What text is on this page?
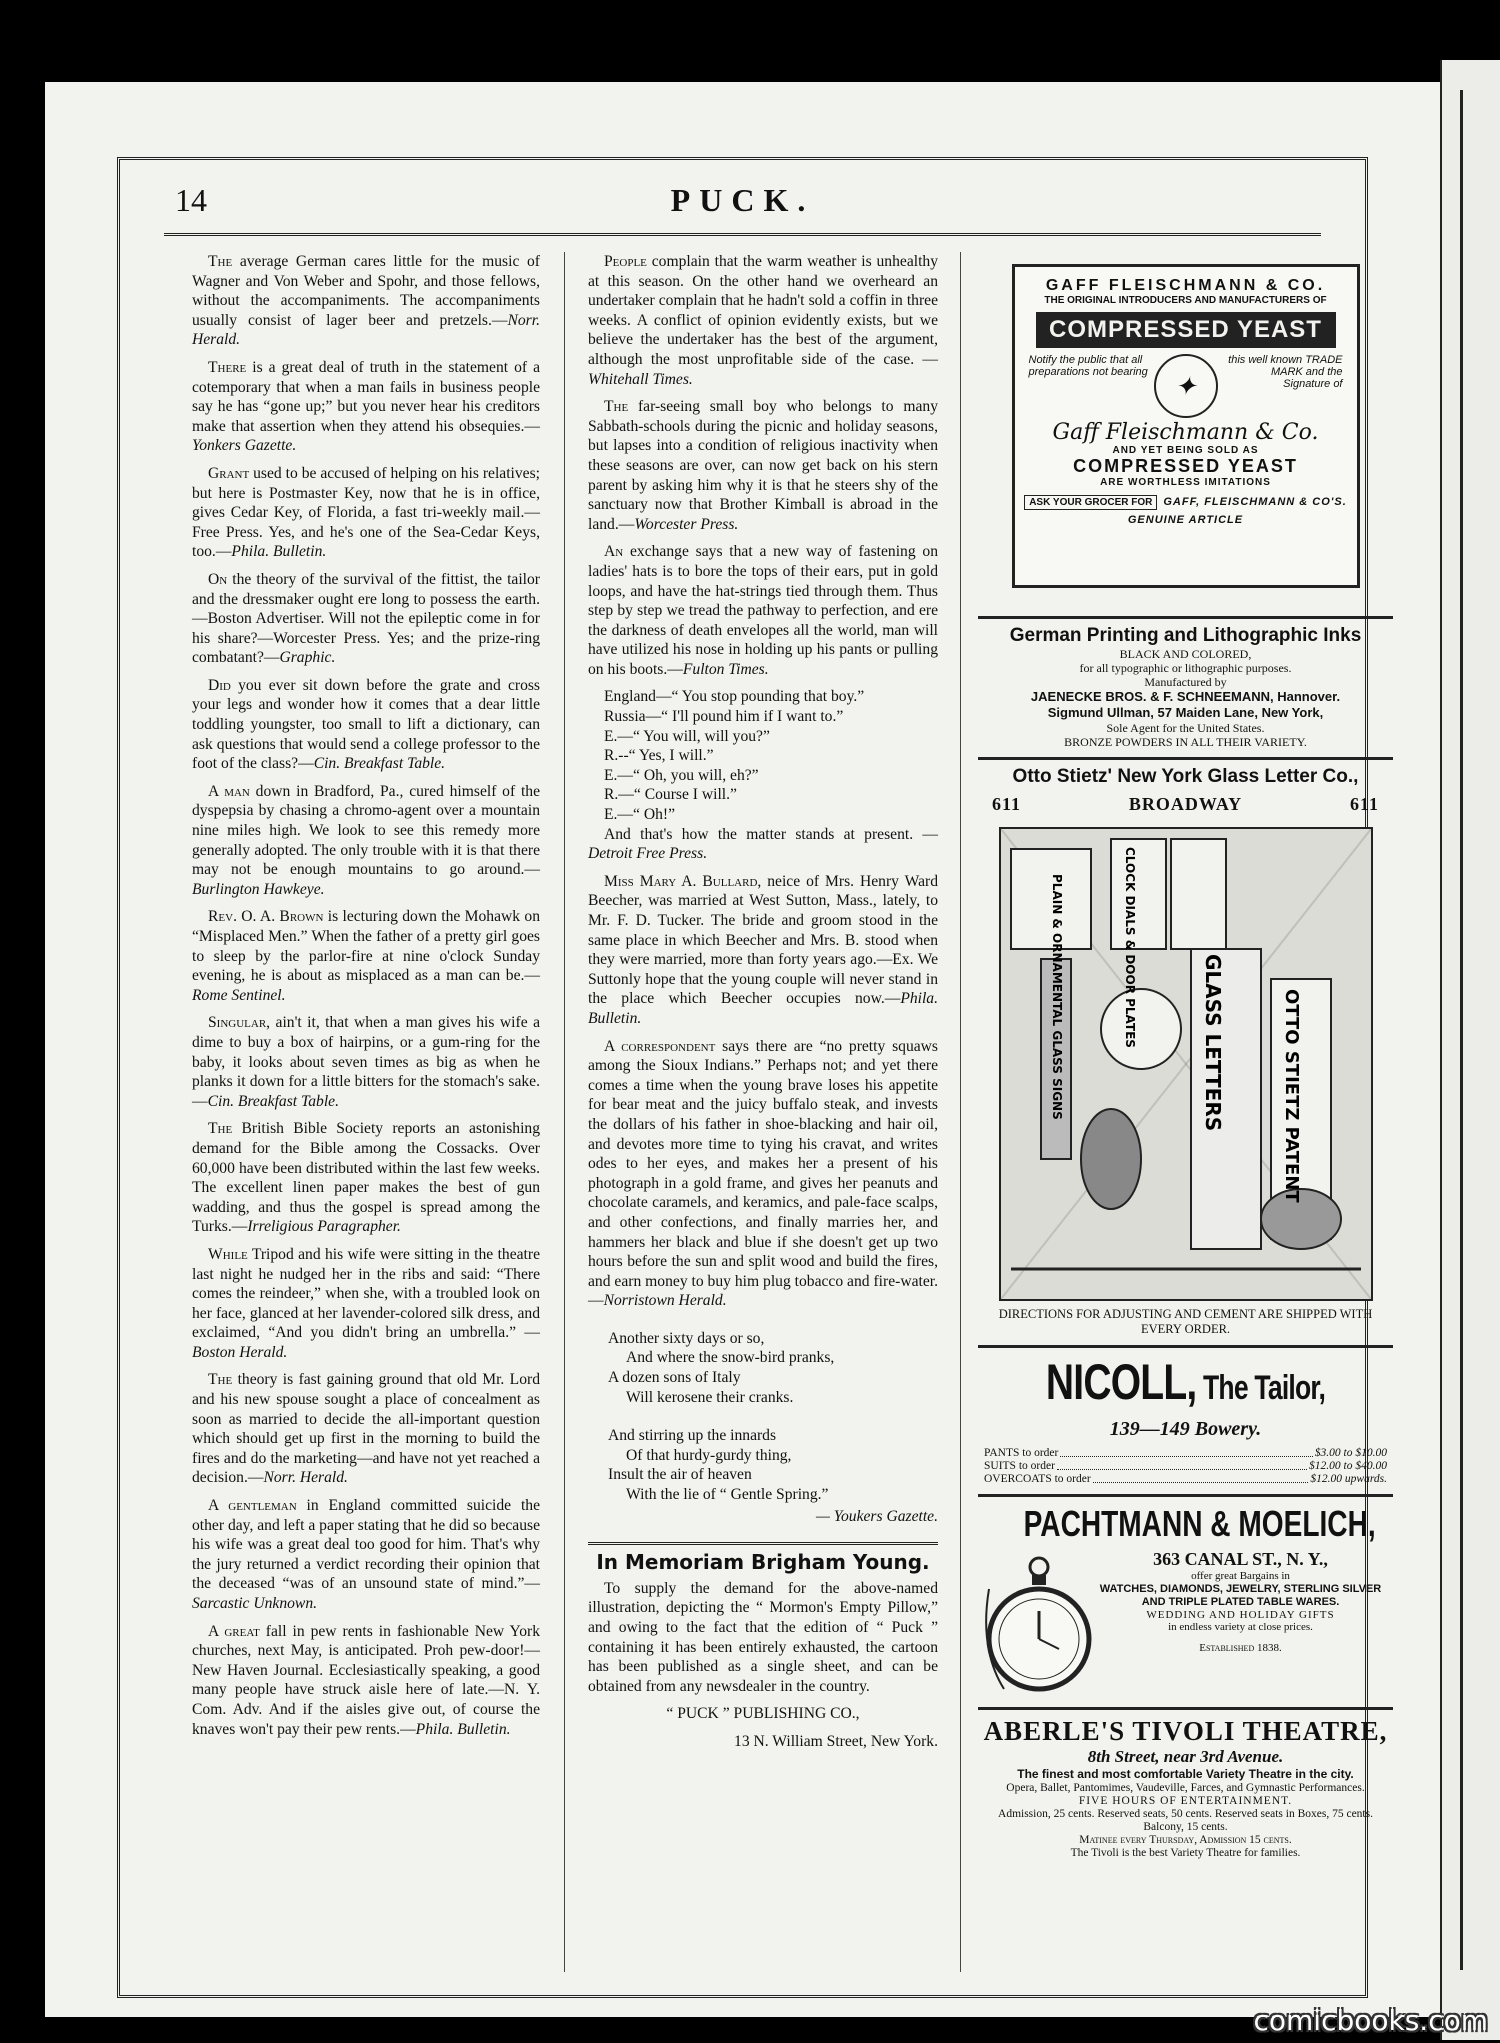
14	PUCK.

The average German cares little for the music of Wagner and Von Weber and Spohr, and those fellows, without the accompaniments. The accompaniments usually consist of lager beer and pretzels.—Norr. Herald.

There is a great deal of truth in the statement of a cotemporary that when a man fails in business people say he has “gone up;” but you never hear his creditors make that assertion when they attend his obsequies.—Yonkers Gazette.

Grant used to be accused of helping on his relatives; but here is Postmaster Key, now that he is in office, gives Cedar Key, of Florida, a fast tri-weekly mail.—Free Press. Yes, and he's one of the Sea-Cedar Keys, too.—Phila. Bulletin.

On the theory of the survival of the fittist, the tailor and the dressmaker ought ere long to possess the earth.—Boston Advertiser. Will not the epileptic come in for his share?—Worcester Press. Yes; and the prize-ring combatant?—Graphic.

Did you ever sit down before the grate and cross your legs and wonder how it comes that a dear little toddling youngster, too small to lift a dictionary, can ask questions that would send a college professor to the foot of the class?—Cin. Breakfast Table.

A man down in Bradford, Pa., cured himself of the dyspepsia by chasing a chromo-agent over a mountain nine miles high. We look to see this remedy more generally adopted. The only trouble with it is that there may not be enough mountains to go around.—Burlington Hawkeye.

Rev. O. A. Brown is lecturing down the Mohawk on “Misplaced Men.” When the father of a pretty girl goes to sleep by the parlor-fire at nine o'clock Sunday evening, he is about as misplaced as a man can be.—Rome Sentinel.

Singular, ain't it, that when a man gives his wife a dime to buy a box of hairpins, or a gum-ring for the baby, it looks about seven times as big as when he planks it down for a little bitters for the stomach's sake.—Cin. Breakfast Table.

The British Bible Society reports an astonishing demand for the Bible among the Cossacks. Over 60,000 have been distributed within the last few weeks. The excellent linen paper makes the best of gun wadding, and thus the gospel is spread among the Turks.—Irreligious Paragrapher.

While Tripod and his wife were sitting in the theatre last night he nudged her in the ribs and said: “There comes the reindeer,” when she, with a troubled look on her face, glanced at her lavender-colored silk dress, and exclaimed, “And you didn't bring an umbrella.” —Boston Herald.

The theory is fast gaining ground that old Mr. Lord and his new spouse sought a place of concealment as soon as married to decide the all-important question which should get up first in the morning to build the fires and do the marketing—and have not yet reached a decision.—Norr. Herald.

A gentleman in England committed suicide the other day, and left a paper stating that he did so because his wife was a great deal too good for him. That's why the jury returned a verdict recording their opinion that the deceased “was of an unsound state of mind.”—Sarcastic Unknown.

A great fall in pew rents in fashionable New York churches, next May, is anticipated. Proh pew-door!—New Haven Journal. Ecclesiastically speaking, a good many people have struck aisle here of late.—N. Y. Com. Adv. And if the aisles give out, of course the knaves won't pay their pew rents.—Phila. Bulletin.

People complain that the warm weather is unhealthy at this season. On the other hand we overheard an undertaker complain that he hadn't sold a coffin in three weeks. A conflict of opinion evidently exists, but we believe the undertaker has the best of the argument, although the most unprofitable side of the case. —Whitehall Times.

The far-seeing small boy who belongs to many Sabbath-schools during the picnic and holiday seasons, but lapses into a condition of religious inactivity when these seasons are over, can now get back on his stern parent by asking him why it is that he steers shy of the sanctuary now that Brother Kimball is abroad in the land.—Worcester Press.

An exchange says that a new way of fastening on ladies' hats is to bore the tops of their ears, put in gold loops, and have the hat-strings tied through them. Thus step by step we tread the pathway to perfection, and ere the darkness of death envelopes all the world, man will have utilized his nose in holding up his pants or pulling on his boots.—Fulton Times.

England—“ You stop pounding that boy.”
Russia—“ I'll pound him if I want to.”
E.—“ You will, will you?”
R.--“ Yes, I will.”
E.—“ Oh, you will, eh?”
R.—“ Course I will.”
E.—“ Oh!”
And that's how the matter stands at present. —Detroit Free Press.

Miss Mary A. Bullard, neice of Mrs. Henry Ward Beecher, was married at West Sutton, Mass., lately, to Mr. F. D. Tucker. The bride and groom stood in the same place in which Beecher and Mrs. B. stood when they were married, more than forty years ago.—Ex. We Suttonly hope that the young couple will never stand in the place which Beecher occupies now.—Phila. Bulletin.

A correspondent says there are “no pretty squaws among the Sioux Indians.” Perhaps not; and yet there comes a time when the young brave loses his appetite for bear meat and the juicy buffalo steak, and invests the dollars of his father in shoe-blacking and hair oil, and devotes more time to tying his cravat, and writes odes to her eyes, and makes her a present of his photograph in a gold frame, and gives her peanuts and chocolate caramels, and keramics, and pale-face scalps, and other confections, and finally marries her, and hammers her black and blue if she doesn't get up two hours before the sun and split wood and build the fires, and earn money to buy him plug tobacco and fire-water.—Norristown Herald.

Another sixty days or so,
And where the snow-bird pranks,
A dozen sons of Italy
Will kerosene their cranks.
And stirring up the innards
Of that hurdy-gurdy thing,
Insult the air of heaven
With the lie of “ Gentle Spring.”
— Youkers Gazette.
In Memoriam Brigham Young.

To supply the demand for the above-named illustration, depicting the “ Mormon's Empty Pillow,” and owing to the fact that the edition of “ Puck ” containing it has been entirely exhausted, the cartoon has been published as a single sheet, and can be obtained from any newsdealer in the country.

“ PUCK ” PUBLISHING CO.,

13 N. William Street, New York.

GAFF FLEISCHMANN & CO.
THE ORIGINAL INTRODUCERS AND MANUFACTURERS OF
COMPRESSED YEAST
Notify the public that all preparations not bearing	✦
this well known TRADE MARK and the Signature of
Gaff Fleischmann & Co.
AND YET BEING SOLD AS
COMPRESSED YEAST
ARE WORTHLESS IMITATIONS
ASK YOUR GROCER FOR GAFF, FLEISCHMANN & CO'S. GENUINE ARTICLE
German Printing and Lithographic Inks
BLACK AND COLORED,
for all typographic or lithographic purposes.
Manufactured by
JAENECKE BROS. & F. SCHNEEMANN, Hannover.
Sigmund Ullman, 57 Maiden Lane, New York,
Sole Agent for the United States.
BRONZE POWDERS IN ALL THEIR VARIETY.
Otto Stietz' New York Glass Letter Co.,
611	BROADWAY	611
PLAIN & ORNAMENTAL GLASS SIGNS	CLOCK DIALS & DOOR PLATES	GLASS LETTERS	OTTO STIETZ PATENT
DIRECTIONS FOR ADJUSTING AND CEMENT ARE SHIPPED WITH EVERY ORDER.
NICOLL, The Tailor,
139—149 Bowery.
PANTS to order	$3.00 to $10.00
SUITS to order	$12.00 to $40.00
OVERCOATS to order	$12.00 upwards.
PACHTMANN & MOELICH,
363 CANAL ST., N. Y.,
offer great Bargains in
WATCHES, DIAMONDS, JEWELRY, STERLING SILVER AND TRIPLE PLATED TABLE WARES.
WEDDING AND HOLIDAY GIFTS
in endless variety at close prices.
Established 1838.
ABERLE'S TIVOLI THEATRE,
8th Street, near 3rd Avenue.
The finest and most comfortable Variety Theatre in the city.
Opera, Ballet, Pantomimes, Vaudeville, Farces, and Gymnastic Performances.
FIVE HOURS OF ENTERTAINMENT.
Admission, 25 cents. Reserved seats, 50 cents. Reserved seats in Boxes, 75 cents. Balcony, 15 cents.
Matinee every Thursday, Admission 15 cents.
The Tivoli is the best Variety Theatre for families.
comicbooks.com
